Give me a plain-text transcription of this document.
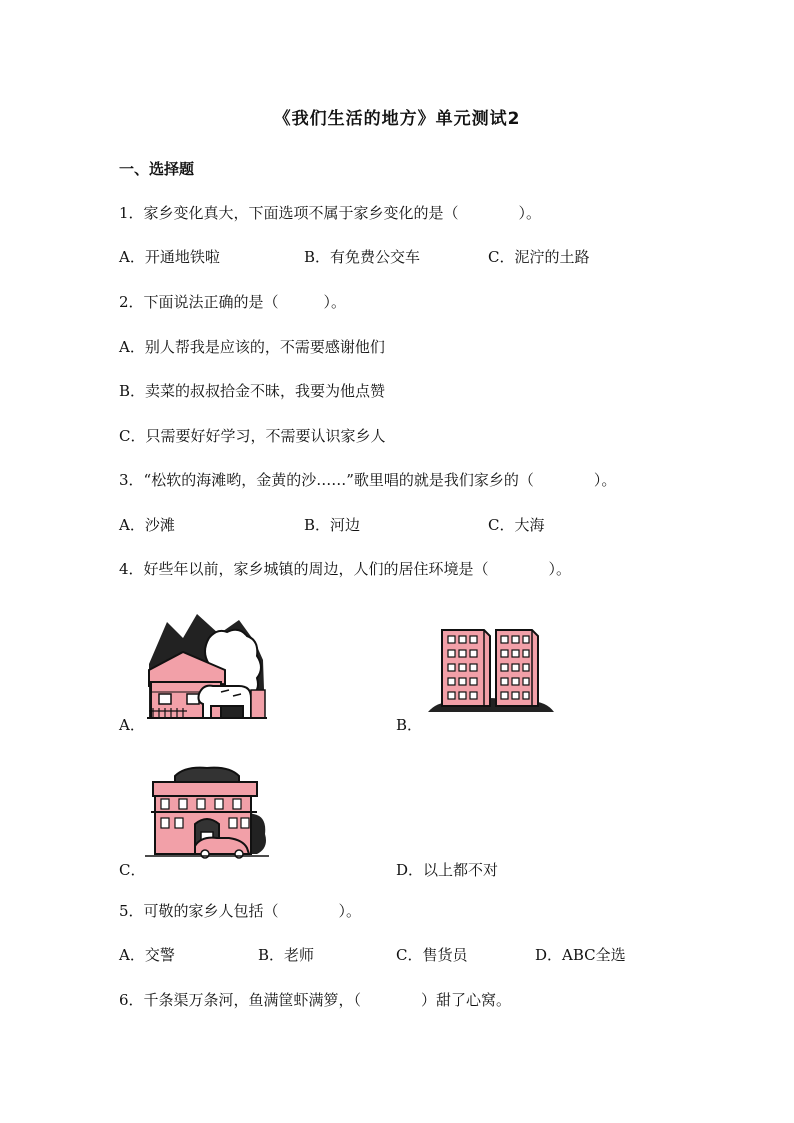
《我们生活的地方》单元测试2
一、选择题
1．家乡变化真大，下面选项不属于家乡变化的是（　　　　）。
A．开通地铁啦	B．有免费公交车	C．泥泞的土路
2．下面说法正确的是（　　　）。
A．别人帮我是应该的，不需要感谢他们
B．卖菜的叔叔拾金不昧，我要为他点赞
C．只需要好好学习，不需要认识家乡人
3．“松软的海滩哟，金黄的沙……”歌里唱的就是我们家乡的（　　　　）。
A．沙滩	B．河边	C．大海
4．好些年以前，家乡城镇的周边，人们的居住环境是（　　　　）。
A．	B．
C．	D．以上都不对
5．可敬的家乡人包括（　　　　）。
A．交警	B．老师	C．售货员	D．ABC全选
6．千条渠万条河，鱼满筐虾满箩，（　　　　）甜了心窝。
